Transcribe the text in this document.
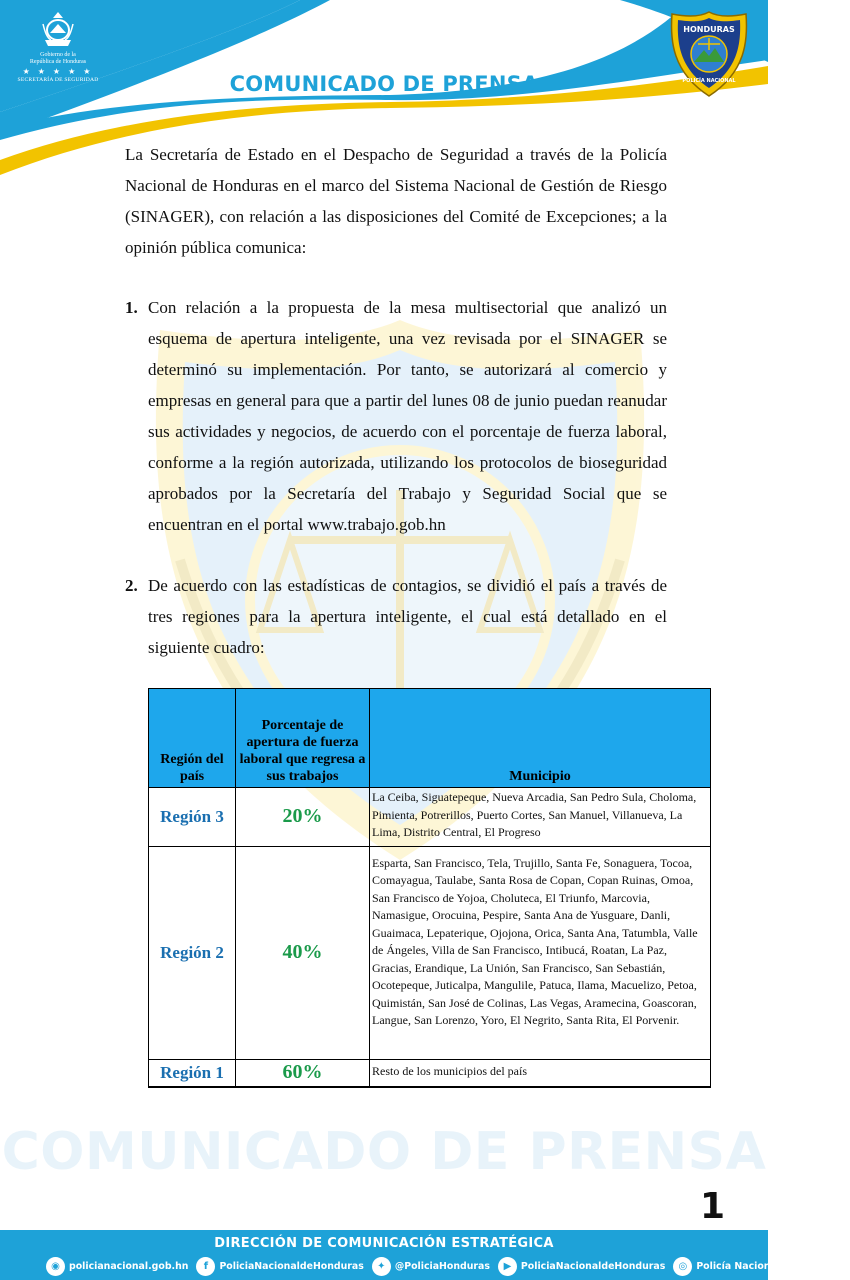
Gobierno de la
República de Honduras
★ ★ ★ ★ ★
SECRETARÍA DE SEGURIDAD	COMUNICADO DE PRENSA
HONDURAS
POLICÍA NACIONAL
COMUNICADO DE PRENSA
La Secretaría de Estado en el Despacho de Seguridad a través de la Policía Nacional de Honduras en el marco del Sistema Nacional de Gestión de Riesgo (SINAGER), con relación a las disposiciones del Comité de Excepciones; a la opinión pública comunica:
1. Con relación a la propuesta de la mesa multisectorial que analizó un esquema de apertura inteligente, una vez revisada por el SINAGER se determinó su implementación. Por tanto, se autorizará al comercio y empresas en general para que a partir del lunes 08 de junio puedan reanudar sus actividades y negocios, de acuerdo con el porcentaje de fuerza laboral, conforme a la región autorizada, utilizando los protocolos de bioseguridad aprobados por la Secretaría del Trabajo y Seguridad Social que se encuentran en el portal www.trabajo.gob.hn
2. De acuerdo con las estadísticas de contagios, se dividió el país a través de tres regiones para la apertura inteligente, el cual está detallado en el siguiente cuadro:
Región del país	Porcentaje de apertura de fuerza laboral que regresa a sus trabajos	Municipio
Región 3	20%	La Ceiba, Siguatepeque, Nueva Arcadia, San Pedro Sula, Choloma, Pimienta, Potrerillos, Puerto Cortes, San Manuel, Villanueva, La Lima, Distrito Central, El Progreso
Región 2	40%	Esparta, San Francisco, Tela, Trujillo, Santa Fe, Sonaguera, Tocoa, Comayagua, Taulabe, Santa Rosa de Copan, Copan Ruinas, Omoa, San Francisco de Yojoa, Choluteca, El Triunfo, Marcovia, Namasigue, Orocuina, Pespire, Santa Ana de Yusguare, Danli, Guaimaca, Lepaterique, Ojojona, Orica, Santa Ana, Tatumbla, Valle de Ángeles, Villa de San Francisco, Intibucá, Roatan, La Paz, Gracias, Erandique, La Unión, San Francisco, San Sebastián, Ocotepeque, Juticalpa, Mangulile, Patuca, Ilama, Macuelizo, Petoa, Quimistán, San José de Colinas, Las Vegas, Aramecina, Goascoran, Langue, San Lorenzo, Yoro, El Negrito, Santa Rita, El Porvenir.
Región 1	60%	Resto de los municipios del país
1
DIRECCIÓN DE COMUNICACIÓN ESTRATÉGICA
◉ policianacional.gob.hn	f	PoliciaNacionaldeHonduras	✦ @PoliciaHonduras	▶	PoliciaNacionaldeHonduras	◎ Policía Nacional de Honduras
